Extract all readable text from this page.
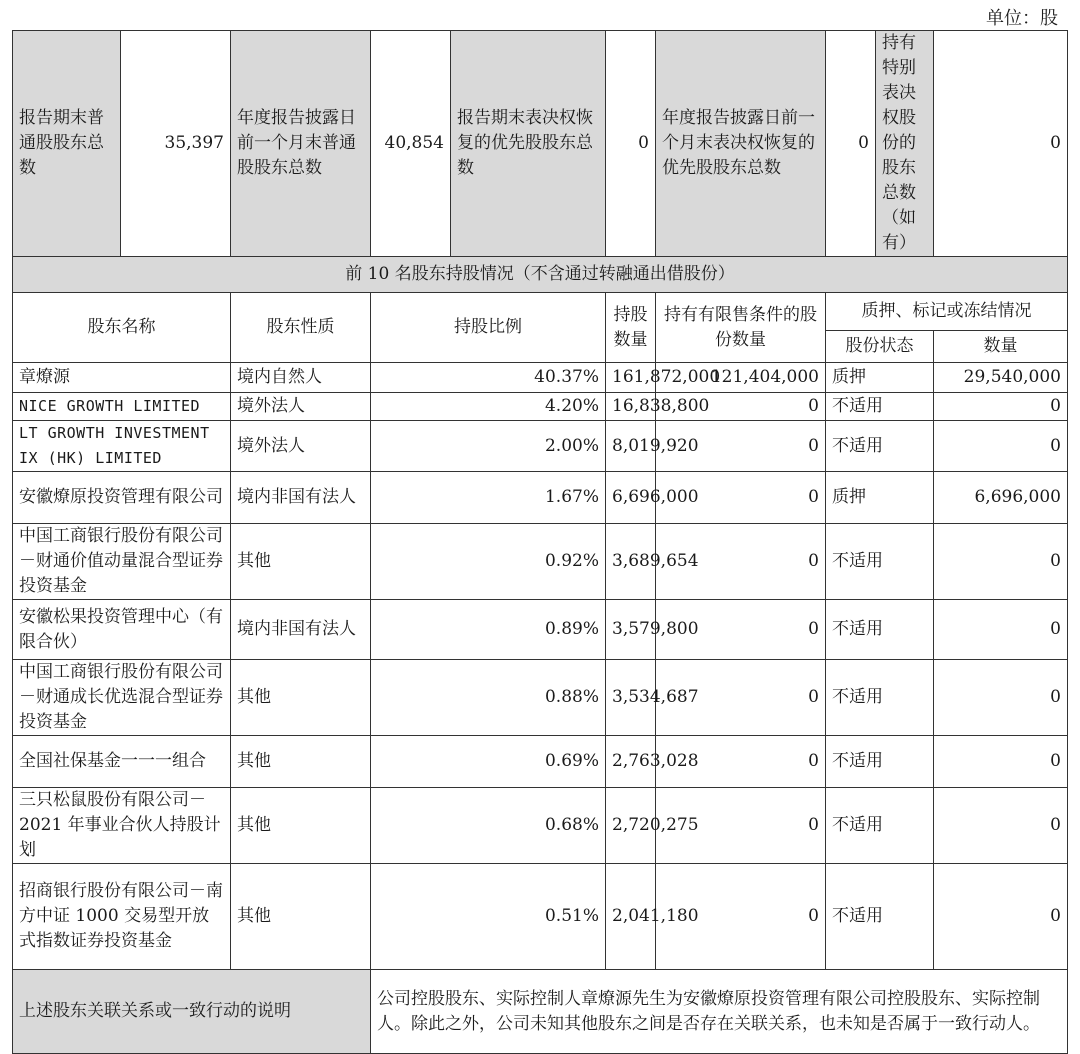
单位：股
报告期末普通股股东总数	35,397	年度报告披露日前一个月末普通股股东总数	40,854	报告期末表决权恢复的优先股股东总数	0	年度报告披露日前一个月末表决权恢复的优先股股东总数	0	持有特别表决权股份的股东总数（如有）	0
前 10 名股东持股情况（不含通过转融通出借股份）									
股东名称		股东性质	持股比例		持股数量	持有有限售条件的股份数量	质押、标记或冻结情况		
							股份状态		数量
章燎源		境内自然人	40.37%		161,872,000	121,404,000	质押		29,540,000
NICE GROWTH LIMITED		境外法人	4.20%		16,838,800	0	不适用		0
LT GROWTH INVESTMENT IX (HK) LIMITED		境外法人	2.00%		8,019,920	0	不适用		0
安徽燎原投资管理有限公司		境内非国有法人	1.67%		6,696,000	0	质押		6,696,000
中国工商银行股份有限公司－财通价值动量混合型证券投资基金		其他	0.92%		3,689,654	0	不适用		0
安徽松果投资管理中心（有限合伙）		境内非国有法人	0.89%		3,579,800	0	不适用		0
中国工商银行股份有限公司－财通成长优选混合型证券投资基金		其他	0.88%		3,534,687	0	不适用		0
全国社保基金一一一组合		其他	0.69%		2,763,028	0	不适用		0
三只松鼠股份有限公司－2021 年事业合伙人持股计划		其他	0.68%		2,720,275	0	不适用		0
招商银行股份有限公司－南方中证 1000 交易型开放式指数证券投资基金		其他	0.51%		2,041,180	0	不适用		0
上述股东关联关系或一致行动的说明			公司控股股东、实际控制人章燎源先生为安徽燎原投资管理有限公司控股股东、实际控制人。除此之外，公司未知其他股东之间是否存在关联关系，也未知是否属于一致行动人。						
